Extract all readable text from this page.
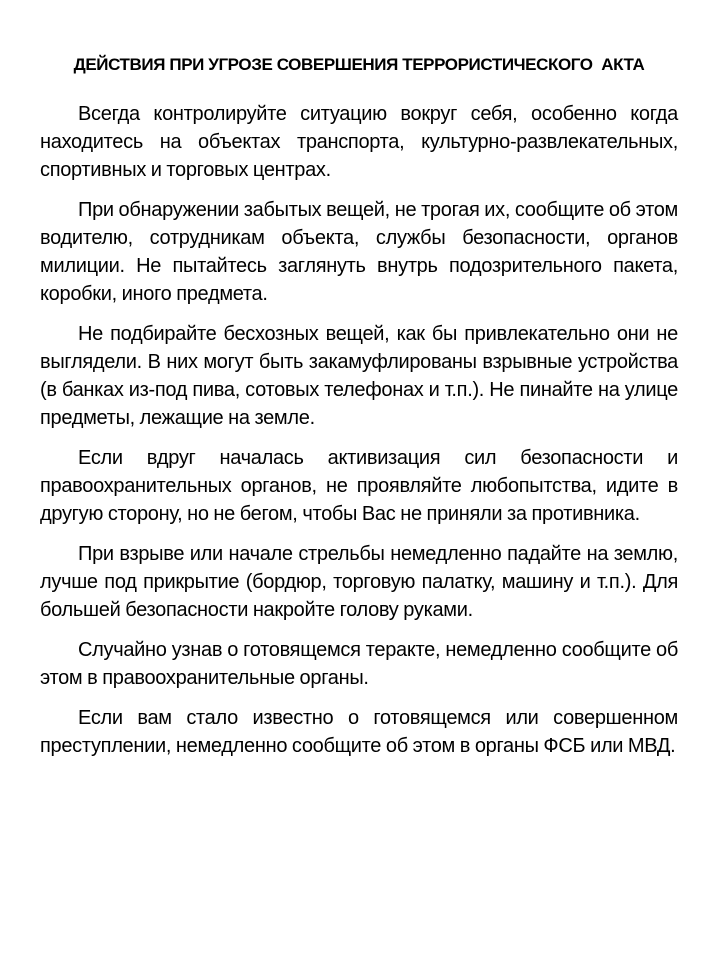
ДЕЙСТВИЯ ПРИ УГРОЗЕ СОВЕРШЕНИЯ ТЕРРОРИСТИЧЕСКОГО  АКТА

Всегда контролируйте ситуацию вокруг себя, особенно когда находитесь на объектах транспорта, культурно-развлекательных, спортивных и торговых центрах.

При обнаружении забытых вещей, не трогая их, сообщите об этом водителю, сотрудникам объекта, службы безопасности, органов милиции. Не пытайтесь заглянуть внутрь подозрительного пакета, коробки, иного предмета.

Не подбирайте бесхозных вещей, как бы привлекательно они не выглядели. В них могут быть закамуфлированы взрывные устройства (в банках из-под пива, сотовых телефонах и т.п.). Не пинайте на улице предметы, лежащие на земле.

Если вдруг началась активизация сил безопасности и правоохранительных органов, не проявляйте любопытства, идите в другую сторону, но не бегом, чтобы Вас не приняли за противника.

При взрыве или начале стрельбы немедленно падайте на землю, лучше под прикрытие (бордюр, торговую палатку, машину и т.п.). Для большей безопасности накройте голову руками.

Случайно узнав о готовящемся теракте, немедленно сообщите об этом в правоохранительные органы.

Если вам стало известно о готовящемся или совершенном преступлении, немедленно сообщите об этом в органы ФСБ или МВД.
